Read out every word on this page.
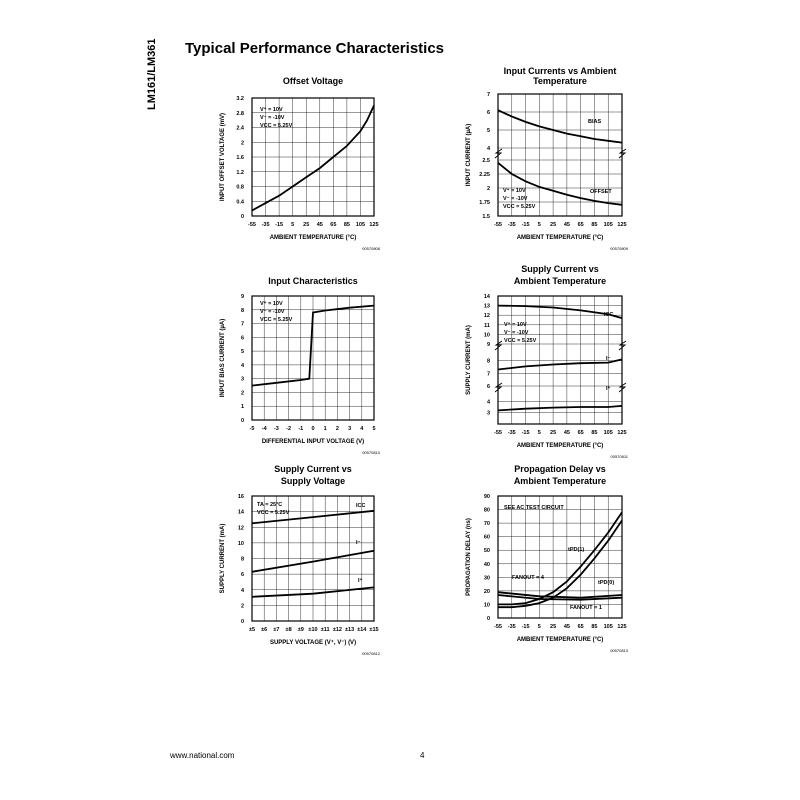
LM161/LM361 Typical Performance Characteristics
Offset Voltage
-55 -35 -15 5 25 45 65 85 105 125
AMBIENT TEMPERATURE (°C)
INPUT OFFSET VOLTAGE (mV)
00570808
3.2
2.8
2.4
2
1.6
1.2
0.8
0.4
0
V⁺ = 10V
V⁻ = -10V
VCC = 5.25V
Input Currents vs Ambient
Temperature
-55 -35 -15 5 25 45 65 85 105 125
AMBIENT TEMPERATURE (°C)
INPUT CURRENT (µA)
00570809
7
6
5
4
2.5
2.25
2
1.75
1.5
BIAS
OFFSET
V⁺ = 10V
V⁻ = -10V
VCC = 5.25V
Input Characteristics
-5 -4 -3 -2 -1 0 1 2 3 4 5
DIFFERENTIAL INPUT VOLTAGE (V)
INPUT BIAS CURRENT (µA)
00570810
9
8
7
6
5
4
3
2
1
0
V⁺ = 10V
V⁻ = -10V
VCC = 5.25V
Supply Current vs
Ambient Temperature
-55 -35 -15 5 25 45 65 85 105 125
AMBIENT TEMPERATURE (°C)
SUPPLY CURRENT (mA)
00570811
14
13
12
11
10
9
8
7
6
4
3
ICC
I⁻
I⁺
V⁺ = 10V
V⁻ = -10V
VCC = 5.25V
Supply Current vs
Supply Voltage
±5 ±6 ±7 ±8 ±9 ±10 ±11 ±12 ±13 ±14 ±15
SUPPLY VOLTAGE (V⁺, V⁻) (V)
SUPPLY CURRENT (mA)
00570812
16
14
12
10
8
6
4
2
0
ICC
I⁻
I⁺
TA = 25°C
VCC = 5.25V
Propagation Delay vs
Ambient Temperature
-55 -35 -15 5 25 45 65 85 105 125
AMBIENT TEMPERATURE (°C)
PROPAGATION DELAY (ns)
00570813
90
80
70
60
50
40
30
20
10
0
tPD(1)
tPD(0)
SEE AC TEST CIRCUIT
FANOUT = 4
FANOUT = 1
www.national.com	4
